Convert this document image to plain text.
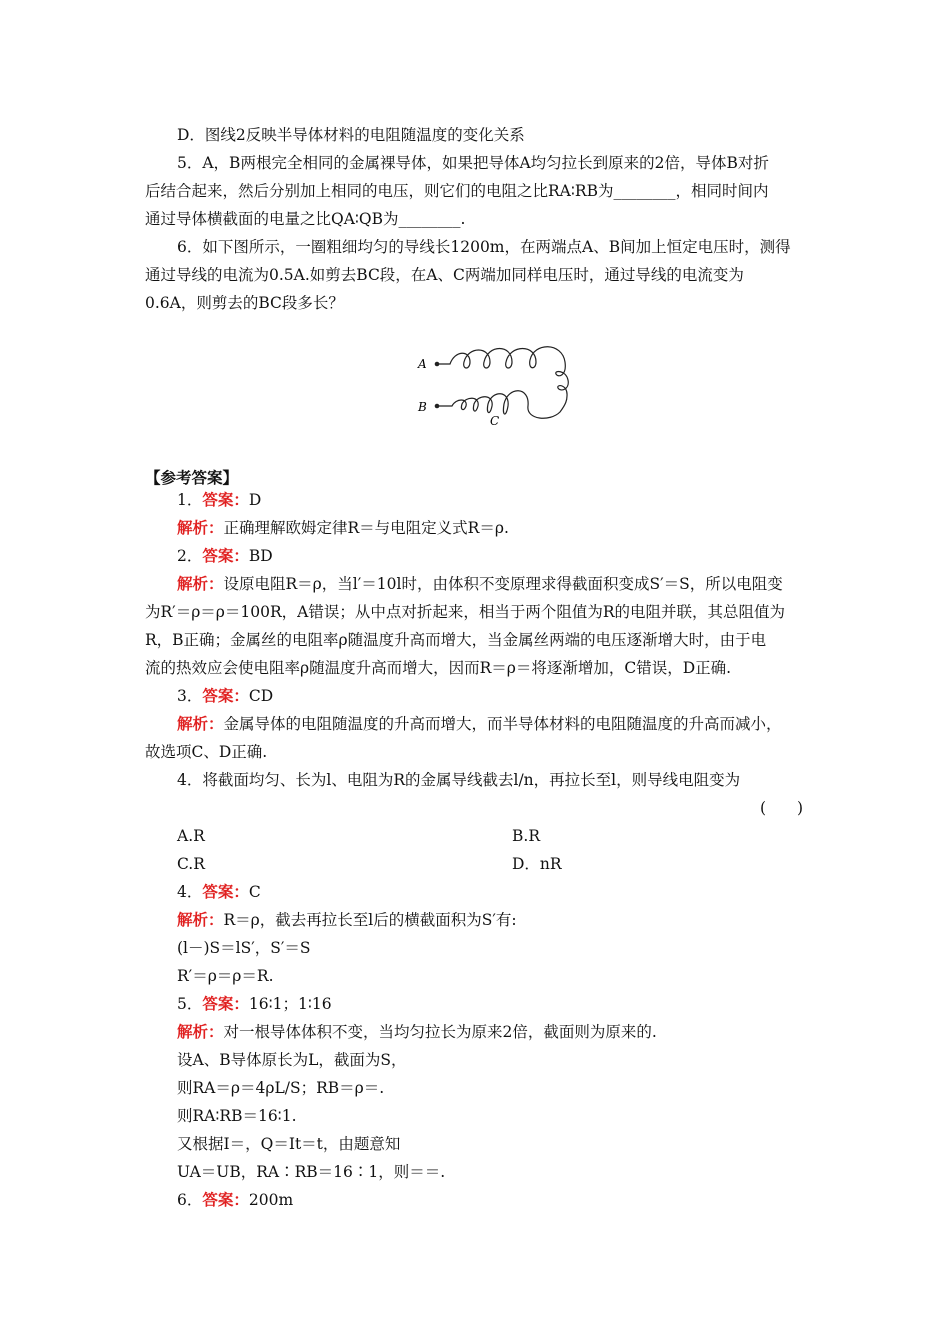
D．图线2反映半导体材料的电阻随温度的变化关系
5．A，B两根完全相同的金属裸导体，如果把导体A均匀拉长到原来的2倍，导体B对折
后结合起来，然后分别加上相同的电压，则它们的电阻之比RA∶RB为________，相同时间内
通过导体横截面的电量之比QA∶QB为________.
6．如下图所示，一圈粗细均匀的导线长1200m，在两端点A、B间加上恒定电压时，测得
通过导线的电流为0.5A.如剪去BC段，在A、C两端加同样电压时，通过导线的电流变为
0.6A，则剪去的BC段多长？
A
B
C
【参考答案】
1．答案：D
解析：正确理解欧姆定律R＝与电阻定义式R＝ρ.
2．答案：BD
解析：设原电阻R＝ρ，当l′＝10l时，由体积不变原理求得截面积变成S′＝S，所以电阻变
为R′＝ρ＝ρ＝100R，A错误；从中点对折起来，相当于两个阻值为R的电阻并联，其总阻值为
R，B正确；金属丝的电阻率ρ随温度升高而增大，当金属丝两端的电压逐渐增大时，由于电
流的热效应会使电阻率ρ随温度升高而增大，因而R＝ρ＝将逐渐增加，C错误，D正确.
3．答案：CD
解析：金属导体的电阻随温度的升高而增大，而半导体材料的电阻随温度的升高而减小，
故选项C、D正确.
4．将截面均匀、长为l、电阻为R的金属导线截去l/n，再拉长至l，则导线电阻变为
(　　)
A.R	B.R
C.R	D．nR
4．答案：C
解析：R＝ρ，截去再拉长至l后的横截面积为S′有:
(l－)S＝lS′，S′＝S
R′＝ρ＝ρ＝R.
5．答案：16∶1；1∶16
解析：对一根导体体积不变，当均匀拉长为原来2倍，截面则为原来的.
设A、B导体原长为L，截面为S，
则RA＝ρ＝4ρL/S；RB＝ρ＝.
则RA∶RB＝16∶1.
又根据I＝，Q＝It＝t，由题意知
UA＝UB，RA∶RB＝16∶1，则＝＝.
6．答案：200m
